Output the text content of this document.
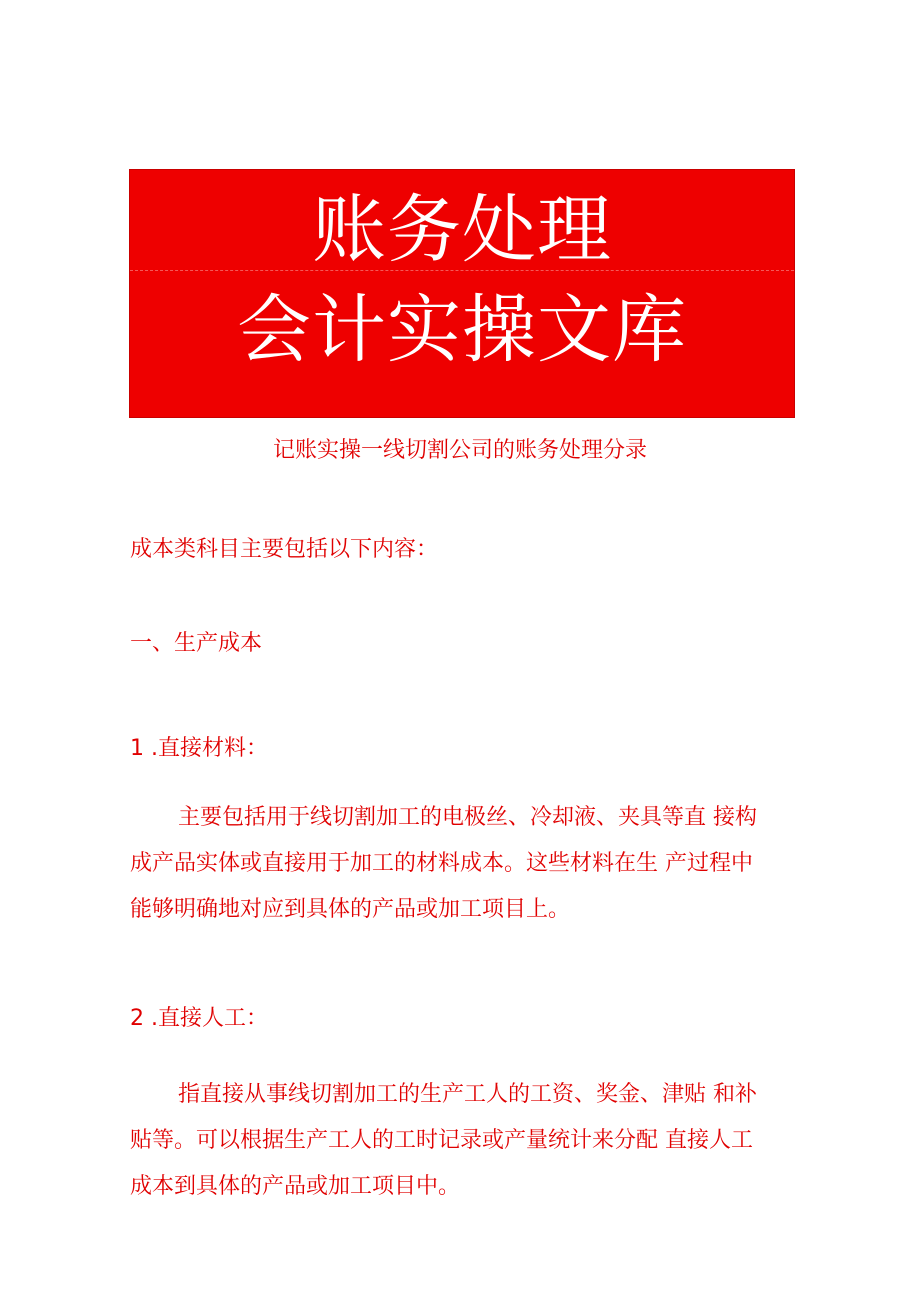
账务处理
会计实操文库
记账实操一线切割公司的账务处理分录
成本类科目主要包括以下内容：
一、生产成本
1 .直接材料：
主要包括用于线切割加工的电极丝、冷却液、夹具等直 接构
成产品实体或直接用于加工的材料成本。这些材料在生 产过程中
能够明确地对应到具体的产品或加工项目上。
2 .直接人工：
指直接从事线切割加工的生产工人的工资、奖金、津贴 和补
贴等。可以根据生产工人的工时记录或产量统计来分配 直接人工
成本到具体的产品或加工项目中。
